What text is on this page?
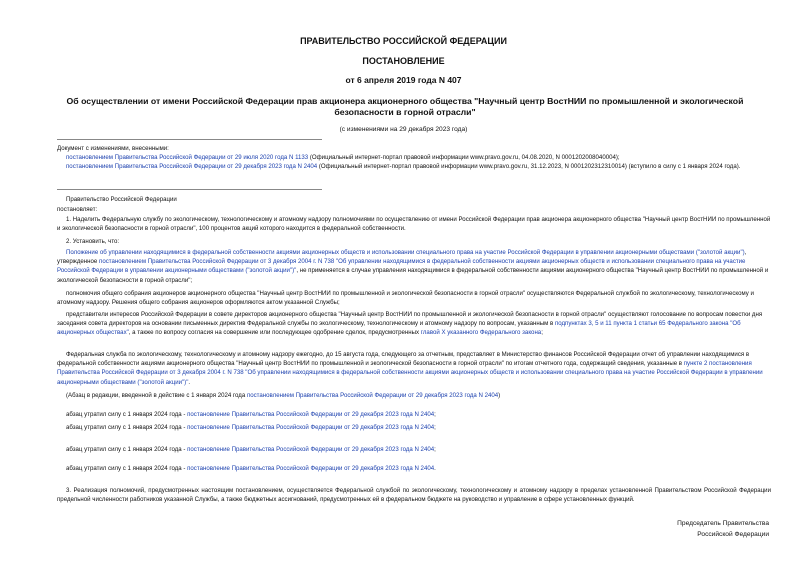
ПРАВИТЕЛЬСТВО РОССИЙСКОЙ ФЕДЕРАЦИИ
ПОСТАНОВЛЕНИЕ
от 6 апреля 2019 года N 407
Об осуществлении от имени Российской Федерации прав акционера акционерного общества "Научный центр ВостНИИ по промышленной и экологической безопасности в горной отрасли"
(с изменениями на 29 декабря 2023 года)

Документ с изменениями, внесенными:

постановлением Правительства Российской Федерации от 29 июля 2020 года N 1133 (Официальный интернет-портал правовой информации www.pravo.gov.ru, 04.08.2020, N 0001202008040004);

постановлением Правительства Российской Федерации от 29 декабря 2023 года N 2404 (Официальный интернет-портал правовой информации www.pravo.gov.ru, 31.12.2023, N 0001202312310014) (вступило в силу с 1 января 2024 года).

Правительство Российской Федерации
постановляет:
1. Наделить Федеральную службу по экологическому, технологическому и атомному надзору полномочиями по осуществлению от имени Российской Федерации прав акционера акционерного общества "Научный центр ВостНИИ по промышленной и экологической безопасности в горной отрасли", 100 процентов акций которого находится в федеральной собственности.
2. Установить, что:
Положение об управлении находящимися в федеральной собственности акциями акционерных обществ и использовании специального права на участие Российской Федерации в управлении акционерными обществами ("золотой акции"), утвержденное постановлением Правительства Российской Федерации от 3 декабря 2004 г. N 738 "Об управлении находящимися в федеральной собственности акциями акционерных обществ и использовании специального права на участие Российской Федерации в управлении акционерными обществами ("золотой акции")", не применяется в случае управления находящимися в федеральной собственности акциями акционерного общества "Научный центр ВостНИИ по промышленной и экологической безопасности в горной отрасли";
полномочия общего собрания акционеров акционерного общества "Научный центр ВостНИИ по промышленной и экологической безопасности в горной отрасли" осуществляются Федеральной службой по экологическому, технологическому и атомному надзору. Решения общего собрания акционеров оформляются актом указанной Службы;
представители интересов Российской Федерации в совете директоров акционерного общества "Научный центр ВостНИИ по промышленной и экологической безопасности в горной отрасли" осуществляют голосование по вопросам повестки дня заседания совета директоров на основании письменных директив Федеральной службы по экологическому, технологическому и атомному надзору по вопросам, указанным в подпунктах 3, 5 и 11 пункта 1 статьи 65 Федерального закона "Об акционерных обществах", а также по вопросу согласия на совершение или последующее одобрение сделок, предусмотренных главой X указанного Федерального закона;
Федеральная служба по экологическому, технологическому и атомному надзору ежегодно, до 15 августа года, следующего за отчетным, представляет в Министерство финансов Российской Федерации отчет об управлении находящимися в федеральной собственности акциями акционерного общества "Научный центр ВостНИИ по промышленной и экологической безопасности в горной отрасли" по итогам отчетного года, содержащий сведения, указанные в пункте 2 постановления Правительства Российской Федерации от 3 декабря 2004 г. N 738 "Об управлении находящимися в федеральной собственности акциями акционерных обществ и использовании специального права на участие Российской Федерации в управлении акционерными обществами ("золотой акции")".
(Абзац в редакции, введенной в действие с 1 января 2024 года постановлением Правительства Российской Федерации от 29 декабря 2023 года N 2404)
абзац утратил силу с 1 января 2024 года - постановление Правительства Российской Федерации от 29 декабря 2023 года N 2404;
абзац утратил силу с 1 января 2024 года - постановление Правительства Российской Федерации от 29 декабря 2023 года N 2404;
абзац утратил силу с 1 января 2024 года - постановление Правительства Российской Федерации от 29 декабря 2023 года N 2404;
абзац утратил силу с 1 января 2024 года - постановление Правительства Российской Федерации от 29 декабря 2023 года N 2404.
3. Реализация полномочий, предусмотренных настоящим постановлением, осуществляется Федеральной службой по экологическому, технологическому и атомному надзору в пределах установленной Правительством Российской Федерации предельной численности работников указанной Службы, а также бюджетных ассигнований, предусмотренных ей в федеральном бюджете на руководство и управление в сфере установленных функций.
Председатель Правительства
Российской Федерации
